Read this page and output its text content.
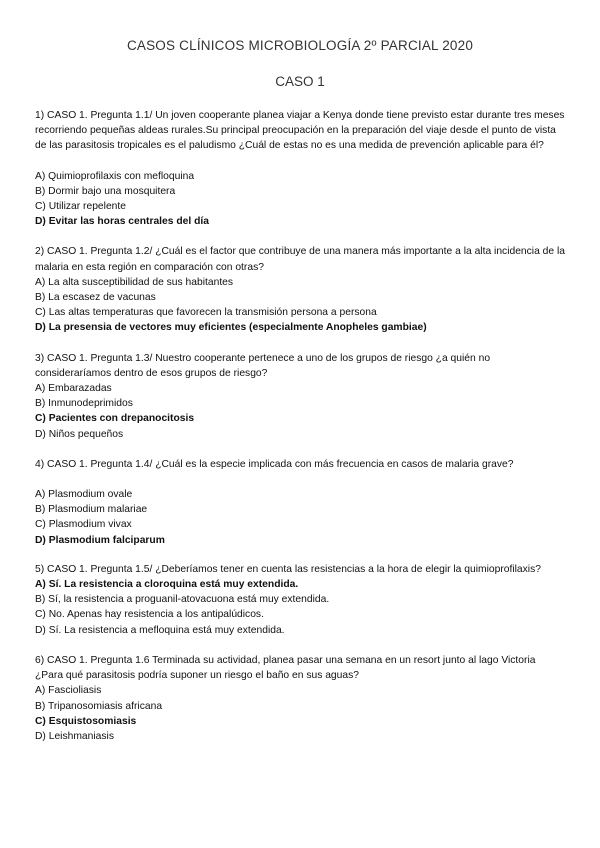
CASOS CLÍNICOS MICROBIOLOGÍA 2º PARCIAL 2020
CASO 1

1) CASO 1. Pregunta 1.1/ Un joven cooperante planea viajar a Kenya donde tiene previsto estar durante tres meses recorriendo pequeñas aldeas rurales.Su principal preocupación en la preparación del viaje desde el punto de vista de las parasitosis tropicales es el paludismo ¿Cuál de estas no es una medida de prevención aplicable para él?

A) Quimioprofilaxis con mefloquina

B) Dormir bajo una mosquitera

C) Utilizar repelente

D) Evitar las horas centrales del día

2) CASO 1. Pregunta 1.2/ ¿Cuál es el factor que contribuye de una manera más importante a la alta incidencia de la malaria en esta región en comparación con otras?

A) La alta susceptibilidad de sus habitantes

B) La escasez de vacunas

C) Las altas temperaturas que favorecen la transmisión persona a persona

D) La presensia de vectores muy eficientes (especialmente Anopheles gambiae)

3) CASO 1. Pregunta 1.3/ Nuestro cooperante pertenece a uno de los grupos de riesgo ¿a quién no consideraríamos dentro de esos grupos de riesgo?

A) Embarazadas

B) Inmunodeprimidos

C) Pacientes con drepanocitosis

D) Niños pequeños

4) CASO 1. Pregunta 1.4/ ¿Cuál es la especie implicada con más frecuencia en casos de malaria grave?

A) Plasmodium ovale

B) Plasmodium malariae

C) Plasmodium vivax

D) Plasmodium falciparum

5) CASO 1. Pregunta 1.5/ ¿Deberíamos tener en cuenta las resistencias a la hora de elegir la quimioprofilaxis?

A) Sí. La resistencia a cloroquina está muy extendida.

B) Sí, la resistencia a proguanil-atovacuona está muy extendida.

C) No. Apenas hay resistencia a los antipalúdicos.

D) Sí. La resistencia a mefloquina está muy extendida.

6) CASO 1. Pregunta 1.6 Terminada su actividad, planea pasar una semana en un resort junto al lago Victoria ¿Para qué parasitosis podría suponer un riesgo el baño en sus aguas?

A) Fascioliasis

B) Tripanosomiasis africana

C) Esquistosomiasis

D) Leishmaniasis
